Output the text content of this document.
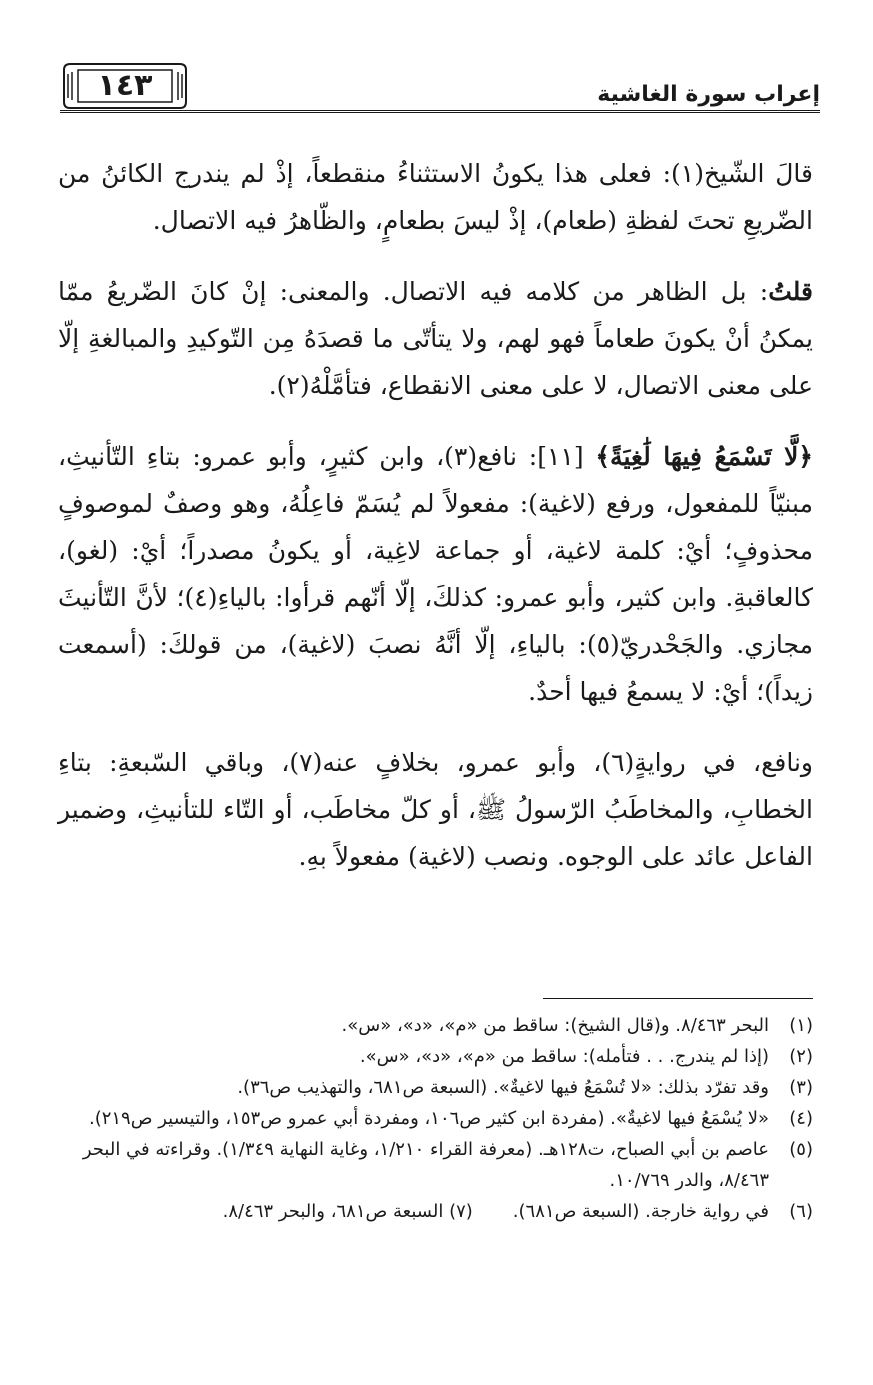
إعراب سورة الغاشية
١٤٣

قالَ الشّيخ(١): فعلى هذا يكونُ الاستثناءُ منقطعاً، إذْ لم يندرج الكائنُ من الضّريعِ تحتَ لفظةِ (طعام)، إذْ ليسَ بطعامٍ، والظّاهرُ فيه الاتصال.

قلتُ: بل الظاهر من كلامه فيه الاتصال. والمعنى: إنْ كانَ الضّريعُ ممّا يمكنُ أنْ يكونَ طعاماً فهو لهم، ولا يتأتّى ما قصدَهُ مِن التّوكيدِ والمبالغةِ إلّا على معنى الاتصال، لا على معنى الانقطاع، فتأمَّلْهُ(٢).

﴿لَّا تَسْمَعُ فِيهَا لَٰغِيَةً﴾ [١١]: نافع(٣)، وابن كثيرٍ، وأبو عمرو: بتاءِ التّأنيثِ، مبنيّاً للمفعول، ورفع (لاغية): مفعولاً لم يُسَمّ فاعِلُهُ، وهو وصفٌ لموصوفٍ محذوفٍ؛ أيْ: كلمة لاغية، أو جماعة لاغِية، أو يكونُ مصدراً؛ أيْ: (لغو)، كالعاقبةِ. وابن كثير، وأبو عمرو: كذلكَ، إلّا أنّهم قرأوا: بالياءِ(٤)؛ لأنَّ التّأنيثَ مجازي. والجَحْدريّ(٥): بالياءِ، إلّا أنَّهُ نصبَ (لاغية)، من قولكَ: (أسمعت زيداً)؛ أيْ: لا يسمعُ فيها أحدٌ.

ونافع، في روايةٍ(٦)، وأبو عمرو، بخلافٍ عنه(٧)، وباقي السّبعةِ: بتاءِ الخطابِ، والمخاطَبُ الرّسولُ ﷺ، أو كلّ مخاطَب، أو التّاء للتأنيثِ، وضمير الفاعل عائد على الوجوه. ونصب (لاغية) مفعولاً بهِ.

(١)
البحر ٨/٤٦٣. و(قال الشيخ): ساقط من «م»، «د»، «س».
(٢)
(إذا لم يندرج. . . فتأمله): ساقط من «م»، «د»، «س».
(٣)
وقد تفرّد بذلك: «لا تُسْمَعُ فيها لاغيةٌ». (السبعة ص٦٨١، والتهذيب ص٣٦).
(٤)
«لا يُسْمَعُ فيها لاغيةٌ». (مفردة ابن كثير ص١٠٦، ومفردة أبي عمرو ص١٥٣، والتيسير ص٢١٩).
(٥)
عاصم بن أبي الصباح، ت١٢٨هـ. (معرفة القراء ١/٢١٠، وغاية النهاية ١/٣٤٩). وقراءته في البحر ٨/٤٦٣، والدر ١٠/٧٦٩.
(٦)
في رواية خارجة. (السبعة ص٦٨١).(٧) السبعة ص٦٨١، والبحر ٨/٤٦٣.
